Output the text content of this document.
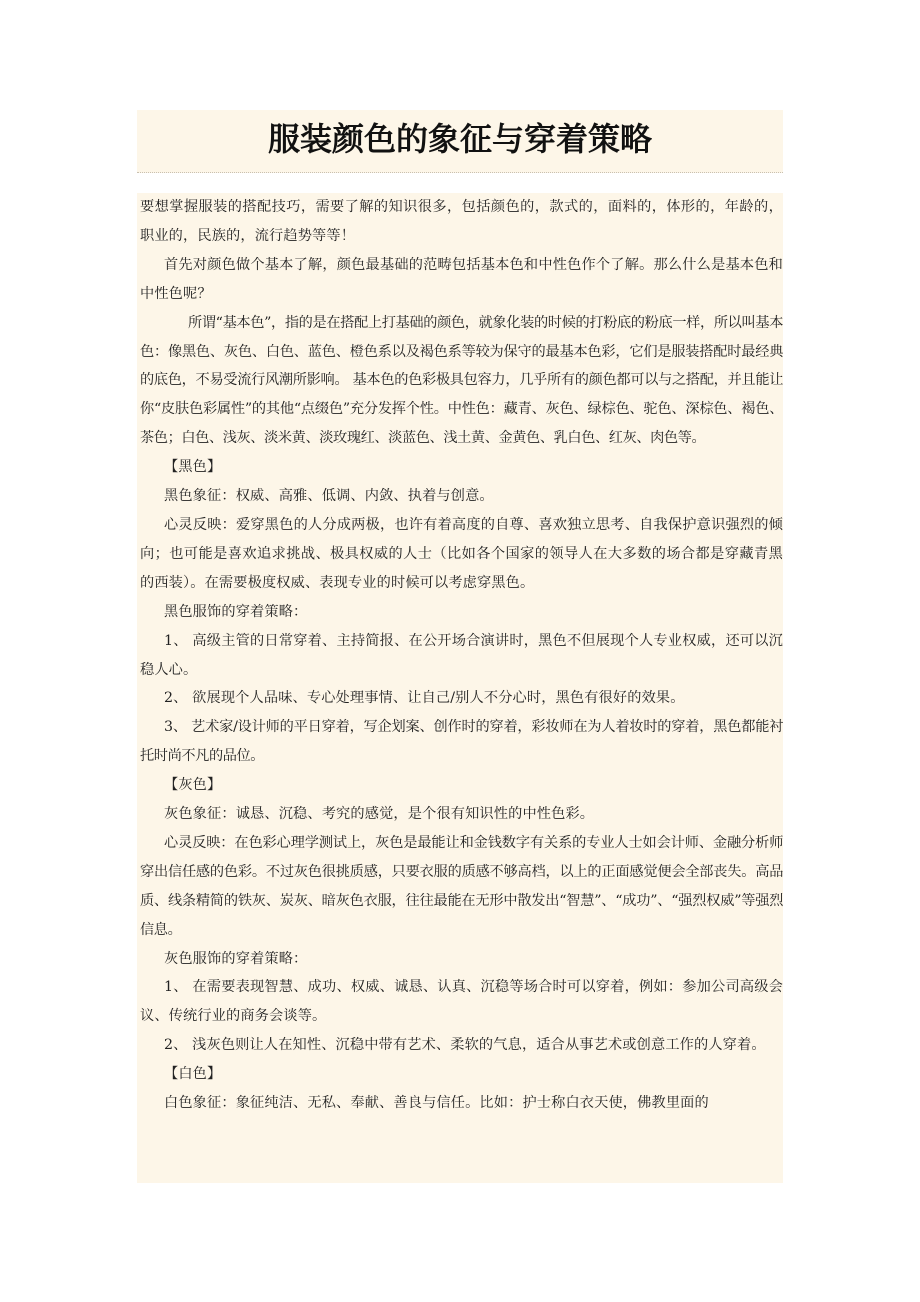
服装颜色的象征与穿着策略

要想掌握服装的搭配技巧，需要了解的知识很多，包括颜色的，款式的，面料的，体形的，年龄的，职业的，民族的，流行趋势等等！

首先对颜色做个基本了解，颜色最基础的范畴包括基本色和中性色作个了解。那么什么是基本色和中性色呢？

所谓“基本色”，指的是在搭配上打基础的颜色，就象化装的时候的打粉底的粉底一样，所以叫基本色：像黑色、灰色、白色、蓝色、橙色系以及褐色系等较为保守的最基本色彩，它们是服装搭配时最经典的底色，不易受流行风潮所影响。 基本色的色彩极具包容力，几乎所有的颜色都可以与之搭配，并且能让你“皮肤色彩属性”的其他“点缀色”充分发挥个性。中性色：藏青、灰色、绿棕色、驼色、深棕色、褐色、茶色；白色、浅灰、淡米黄、淡玫瑰红、淡蓝色、浅土黄、金黄色、乳白色、红灰、肉色等。

【黑色】

黑色象征：权威、高雅、低调、内敛、执着与创意。

心灵反映：爱穿黑色的人分成两极，也许有着高度的自尊、喜欢独立思考、自我保护意识强烈的倾向；也可能是喜欢追求挑战、极具权威的人士（比如各个国家的领导人在大多数的场合都是穿藏青黑的西装）。在需要极度权威、表现专业的时候可以考虑穿黑色。

黑色服饰的穿着策略：

1、 高级主管的日常穿着、主持简报、在公开场合演讲时，黑色不但展现个人专业权威，还可以沉稳人心。

2、 欲展现个人品味、专心处理事情、让自己/别人不分心时，黑色有很好的效果。

3、 艺术家/设计师的平日穿着，写企划案、创作时的穿着，彩妆师在为人着妆时的穿着，黑色都能衬托时尚不凡的品位。

【灰色】

灰色象征：诚恳、沉稳、考究的感觉，是个很有知识性的中性色彩。

心灵反映：在色彩心理学测试上，灰色是最能让和金钱数字有关系的专业人士如会计师、金融分析师穿出信任感的色彩。不过灰色很挑质感，只要衣服的质感不够高档，以上的正面感觉便会全部丧失。高品质、线条精简的铁灰、炭灰、暗灰色衣服，往往最能在无形中散发出“智慧”、“成功”、“强烈权威”等强烈信息。

灰色服饰的穿着策略：

1、 在需要表现智慧、成功、权威、诚恳、认真、沉稳等场合时可以穿着，例如：参加公司高级会议、传统行业的商务会谈等。

2、 浅灰色则让人在知性、沉稳中带有艺术、柔软的气息，适合从事艺术或创意工作的人穿着。

【白色】

白色象征：象征纯洁、无私、奉献、善良与信任。比如：护士称白衣天使，佛教里面的
